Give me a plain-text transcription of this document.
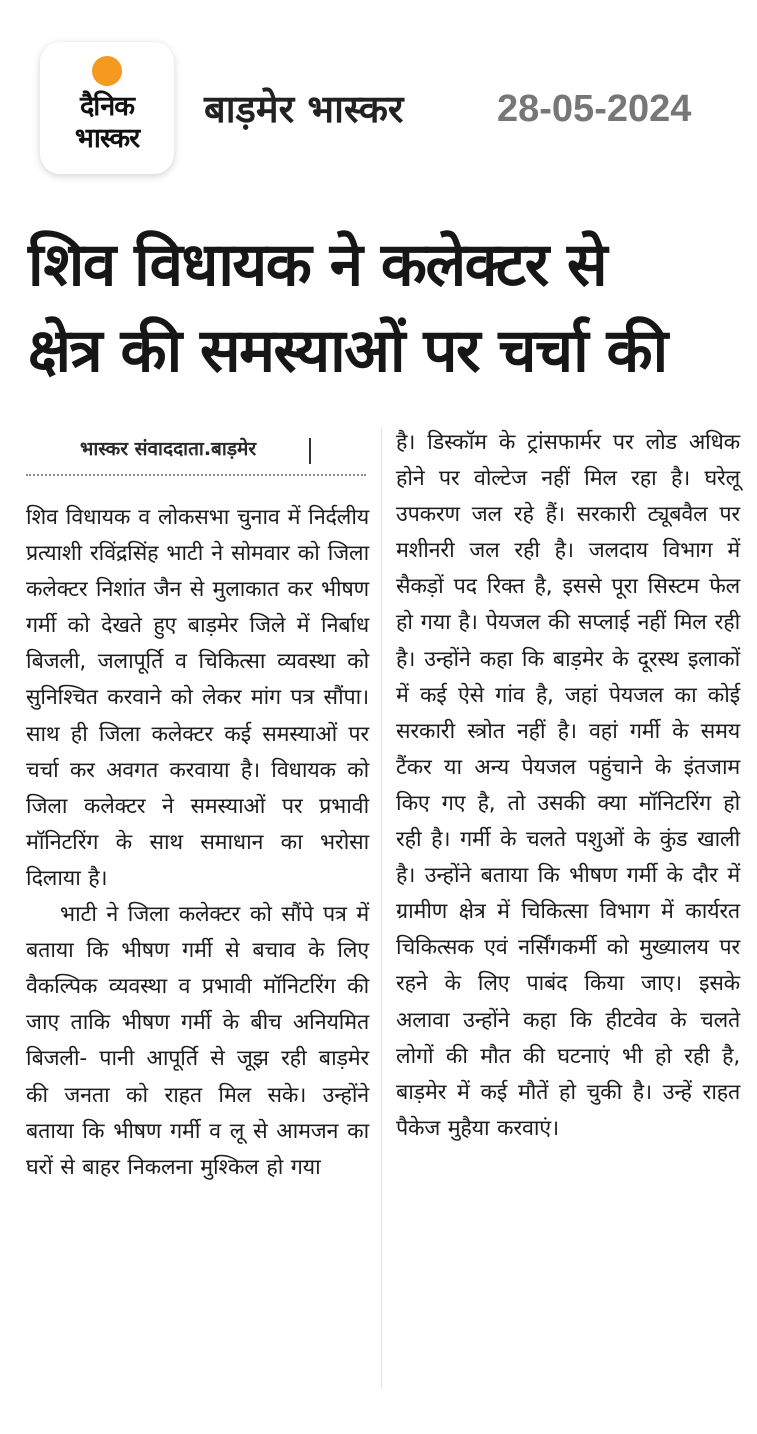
दैनिक
भास्कर
बाड़मेर भास्कर 28-05-2024
शिव विधायक ने कलेक्टर से
क्षेत्र की समस्याओं पर चर्चा की
भास्कर संवाददाता.बाड़मेर

शिव विधायक व लोकसभा चुनाव में निर्दलीय प्रत्याशी रविंद्रसिंह भाटी ने सोमवार को जिला कलेक्टर निशांत जैन से मुलाकात कर भीषण गर्मी को देखते हुए बाड़मेर जिले में निर्बाध बिजली, जलापूर्ति व चिकित्सा व्यवस्था को सुनिश्चित करवाने को लेकर मांग पत्र सौंपा। साथ ही जिला कलेक्टर कई समस्याओं पर चर्चा कर अवगत करवाया है। विधायक को जिला कलेक्टर ने समस्याओं पर प्रभावी मॉनिटरिंग के साथ समाधान का भरोसा दिलाया है।

भाटी ने जिला कलेक्टर को सौंपे पत्र में बताया कि भीषण गर्मी से बचाव के लिए वैकल्पिक व्यवस्था व प्रभावी मॉनिटरिंग की जाए ताकि भीषण गर्मी के बीच अनियमित बिजली- पानी आपूर्ति से जूझ रही बाड़मेर की जनता को राहत मिल सके। उन्होंने बताया कि भीषण गर्मी व लू से आमजन का घरों से बाहर निकलना मुश्किल हो गया

है। डिस्कॉम के ट्रांसफार्मर पर लोड अधिक होने पर वोल्टेज नहीं मिल रहा है। घरेलू उपकरण जल रहे हैं। सरकारी ट्यूबवैल पर मशीनरी जल रही है। जलदाय विभाग में सैकड़ों पद रिक्त है, इससे पूरा सिस्टम फेल हो गया है। पेयजल की सप्लाई नहीं मिल रही है। उन्होंने कहा कि बाड़मेर के दूरस्थ इलाकों में कई ऐसे गांव है, जहां पेयजल का कोई सरकारी स्त्रोत नहीं है। वहां गर्मी के समय टैंकर या अन्य पेयजल पहुंचाने के इंतजाम किए गए है, तो उसकी क्या मॉनिटरिंग हो रही है। गर्मी के चलते पशुओं के कुंड खाली है। उन्होंने बताया कि भीषण गर्मी के दौर में ग्रामीण क्षेत्र में चिकित्सा विभाग में कार्यरत चिकित्सक एवं नर्सिंगकर्मी को मुख्यालय पर रहने के लिए पाबंद किया जाए। इसके अलावा उन्होंने कहा कि हीटवेव के चलते लोगों की मौत की घटनाएं भी हो रही है, बाड़मेर में कई मौतें हो चुकी है। उन्हें राहत पैकेज मुहैया करवाएं।
